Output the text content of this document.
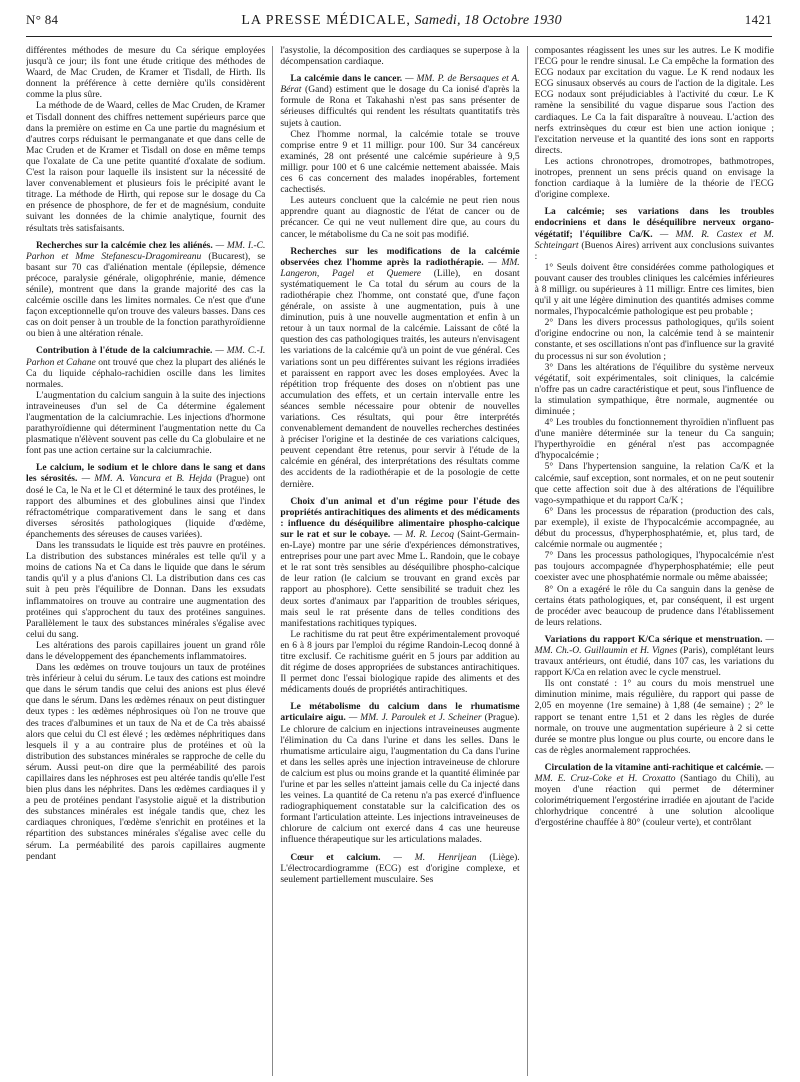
N° 84	LA PRESSE MÉDICALE, Samedi, 18 Octobre 1930	1421

différentes méthodes de mesure du Ca sérique employées jusqu'à ce jour; ils font une étude critique des méthodes de Waard, de Mac Cruden, de Kramer et Tisdall, de Hirth. Ils donnent la préférence à cette dernière qu'ils considèrent comme la plus sûre.

La méthode de de Waard, celles de Mac Cruden, de Kramer et Tisdall donnent des chiffres nettement supérieurs parce que dans la première on estime en Ca une partie du magnésium et d'autres corps réduisant le permanganate et que dans celle de Mac Cruden et de Kramer et Tisdall on dose en même temps que l'oxalate de Ca une petite quantité d'oxalate de sodium. C'est la raison pour laquelle ils insistent sur la nécessité de laver convenablement et plusieurs fois le précipité avant le titrage. La méthode de Hirth, qui repose sur le dosage du Ca en présence de phosphore, de fer et de magnésium, conduite suivant les données de la chimie analytique, fournit des résultats très satisfaisants.

Recherches sur la calcémie chez les aliénés. — MM. I.-C. Parhon et Mme Stefanescu-Dragomireanu (Bucarest), se basant sur 70 cas d'aliénation mentale (épilepsie, démence précoce, paralysie générale, oligophrénie, manie, démence sénile), montrent que dans la grande majorité des cas la calcémie oscille dans les limites normales. Ce n'est que d'une façon exceptionnelle qu'on trouve des valeurs basses. Dans ces cas on doit penser à un trouble de la fonction parathyroïdienne ou bien à une altération rénale.

Contribution à l'étude de la calciumrachie. — MM. C.-I. Parhon et Cahane ont trouvé que chez la plupart des aliénés le Ca du liquide céphalo-rachidien oscille dans les limites normales.

L'augmentation du calcium sanguin à la suite des injections intraveineuses d'un sel de Ca détermine également l'augmentation de la calciumrachie. Les injections d'hormone parathyroïdienne qui déterminent l'augmentation nette du Ca plasmatique n'élèvent souvent pas celle du Ca globulaire et ne font pas une action certaine sur la calciumrachie.

Le calcium, le sodium et le chlore dans le sang et dans les sérosités. — MM. A. Vancura et B. Hejda (Prague) ont dosé le Ca, le Na et le Cl et déterminé le taux des protéines, le rapport des albumines et des globulines ainsi que l'index réfractométrique comparativement dans le sang et dans diverses sérosités pathologiques (liquide d'œdème, épanchements des séreuses de causes variées).

Dans les transsudats le liquide est très pauvre en protéines. La distribution des substances minérales est telle qu'il y a moins de cations Na et Ca dans le liquide que dans le sérum tandis qu'il y a plus d'anions Cl. La distribution dans ces cas suit à peu près l'équilibre de Donnan. Dans les exsudats inflammatoires on trouve au contraire une augmentation des protéines qui s'approchent du taux des protéines sanguines. Parallèlement le taux des substances minérales s'égalise avec celui du sang.

Les altérations des parois capillaires jouent un grand rôle dans le développement des épanchements inflammatoires.

Dans les œdèmes on trouve toujours un taux de protéines très inférieur à celui du sérum. Le taux des cations est moindre que dans le sérum tandis que celui des anions est plus élevé que dans le sérum. Dans les œdèmes rénaux on peut distinguer deux types : les œdèmes néphrosiques où l'on ne trouve que des traces d'albumines et un taux de Na et de Ca très abaissé alors que celui du Cl est élevé ; les œdèmes néphritiques dans lesquels il y a au contraire plus de protéines et où la distribution des substances minérales se rapproche de celle du sérum. Aussi peut-on dire que la perméabilité des parois capillaires dans les néphroses est peu altérée tandis qu'elle l'est bien plus dans les néphrites. Dans les œdèmes cardiaques il y a peu de protéines pendant l'asystolie aiguë et la distribution des substances minérales est inégale tandis que, chez les cardiaques chroniques, l'œdème s'enrichit en protéines et la répartition des substances minérales s'égalise avec celle du sérum. La perméabilité des parois capillaires augmente pendant

l'asystolie, la décomposition des cardiaques se superpose à la décompensation cardiaque.

La calcémie dans le cancer. — MM. P. de Bersaques et A. Bérat (Gand) estiment que le dosage du Ca ionisé d'après la formule de Rona et Takahashi n'est pas sans présenter de sérieuses difficultés qui rendent les résultats quantitatifs très sujets à caution.

Chez l'homme normal, la calcémie totale se trouve comprise entre 9 et 11 milligr. pour 100. Sur 34 cancéreux examinés, 28 ont présenté une calcémie supérieure à 9,5 milligr. pour 100 et 6 une calcémie nettement abaissée. Mais ces 6 cas concernent des malades inopérables, fortement cachectisés.

Les auteurs concluent que la calcémie ne peut rien nous apprendre quant au diagnostic de l'état de cancer ou de précancer. Ce qui ne veut nullement dire que, au cours du cancer, le métabolisme du Ca ne soit pas modifié.

Recherches sur les modifications de la calcémie observées chez l'homme après la radiothérapie. — MM. Langeron, Pagel et Quemere (Lille), en dosant systématiquement le Ca total du sérum au cours de la radiothérapie chez l'homme, ont constaté que, d'une façon générale, on assiste à une augmentation, puis à une diminution, puis à une nouvelle augmentation et enfin à un retour à un taux normal de la calcémie. Laissant de côté la question des cas pathologiques traités, les auteurs n'envisagent les variations de la calcémie qu'à un point de vue général. Ces variations sont un peu différentes suivant les régions irradiées et paraissent en rapport avec les doses employées. Avec la répétition trop fréquente des doses on n'obtient pas une accumulation des effets, et un certain intervalle entre les séances semble nécessaire pour obtenir de nouvelles variations. Ces résultats, qui pour être interprétés convenablement demandent de nouvelles recherches destinées à préciser l'origine et la destinée de ces variations calciques, peuvent cependant être retenus, pour servir à l'étude de la calcémie en général, des interprétations des résultats comme des accidents de la radiothérapie et de la posologie de cette dernière.

Choix d'un animal et d'un régime pour l'étude des propriétés antirachitiques des aliments et des médicaments : influence du déséquilibre alimentaire phospho-calcique sur le rat et sur le cobaye. — M. R. Lecoq (Saint-Germain-en-Laye) montre par une série d'expériences démonstratives, entreprises pour une part avec Mme L. Randoin, que le cobaye et le rat sont très sensibles au déséquilibre phospho-calcique de leur ration (le calcium se trouvant en grand excès par rapport au phosphore). Cette sensibilité se traduit chez les deux sortes d'animaux par l'apparition de troubles sériques, mais seul le rat présente dans de telles conditions des manifestations rachitiques typiques.

Le rachitisme du rat peut être expérimentalement provoqué en 6 à 8 jours par l'emploi du régime Randoin-Lecoq donné à titre exclusif. Ce rachitisme guérit en 5 jours par addition au dit régime de doses appropriées de substances antirachitiques. Il permet donc l'essai biologique rapide des aliments et des médicaments doués de propriétés antirachitiques.

Le métabolisme du calcium dans le rhumatisme articulaire aigu. — MM. J. Paroulek et J. Scheiner (Prague). Le chlorure de calcium en injections intraveineuses augmente l'élimination du Ca dans l'urine et dans les selles. Dans le rhumatisme articulaire aigu, l'augmentation du Ca dans l'urine et dans les selles après une injection intraveineuse de chlorure de calcium est plus ou moins grande et la quantité éliminée par l'urine et par les selles n'atteint jamais celle du Ca injecté dans les veines. La quantité de Ca retenu n'a pas exercé d'influence radiographiquement constatable sur la calcification des os formant l'articulation atteinte. Les injections intraveineuses de chlorure de calcium ont exercé dans 4 cas une heureuse influence thérapeutique sur les articulations malades.

Cœur et calcium. — M. Henrijean (Liège). L'électrocardiogramme (ECG) est d'origine complexe, et seulement partiellement musculaire. Ses

composantes réagissent les unes sur les autres. Le K modifie l'ECG pour le rendre sinusal. Le Ca empêche la formation des ECG nodaux par excitation du vague. Le K rend nodaux les ECG sinusaux observés au cours de l'action de la digitale. Les ECG nodaux sont préjudiciables à l'activité du cœur. Le K ramène la sensibilité du vague disparue sous l'action des cardiaques. Le Ca la fait disparaître à nouveau. L'action des nerfs extrinsèques du cœur est bien une action ionique ; l'excitation nerveuse et la quantité des ions sont en rapports directs.

Les actions chronotropes, dromotropes, bathmotropes, inotropes, prennent un sens précis quand on envisage la fonction cardiaque à la lumière de la théorie de l'ECG d'origine complexe.

La calcémie; ses variations dans les troubles endocriniens et dans le déséquilibre nerveux organo-végétatif; l'équilibre Ca/K. — MM. R. Castex et M. Schteingart (Buenos Aires) arrivent aux conclusions suivantes :

1° Seuls doivent être considérées comme pathologiques et pouvant causer des troubles cliniques les calcémies inférieures à 8 milligr. ou supérieures à 11 milligr. Entre ces limites, bien qu'il y ait une légère diminution des quantités admises comme normales, l'hypocalcémie pathologique est peu probable ;
2° Dans les divers processus pathologiques, qu'ils soient d'origine endocrine ou non, la calcémie tend à se maintenir constante, et ses oscillations n'ont pas d'influence sur la gravité du processus ni sur son évolution ;
3° Dans les altérations de l'équilibre du système nerveux végétatif, soit expérimentales, soit cliniques, la calcémie n'offre pas un cadre caractéristique et peut, sous l'influence de la stimulation sympathique, être normale, augmentée ou diminuée ;
4° Les troubles du fonctionnement thyroïdien n'influent pas d'une manière déterminée sur la teneur du Ca sanguin; l'hyperthyroïdie en général n'est pas accompagnée d'hypocalcémie ;
5° Dans l'hypertension sanguine, la relation Ca/K et la calcémie, sauf exception, sont normales, et on ne peut soutenir que cette affection soit due à des altérations de l'équilibre vago-sympathique et du rapport Ca/K ;
6° Dans les processus de réparation (production des cals, par exemple), il existe de l'hypocalcémie accompagnée, au début du processus, d'hyperphosphatémie, et, plus tard, de calcémie normale ou augmentée ;
7° Dans les processus pathologiques, l'hypocalcémie n'est pas toujours accompagnée d'hyperphosphatémie; elle peut coexister avec une phosphatémie normale ou même abaissée;
8° On a exagéré le rôle du Ca sanguin dans la genèse de certains états pathologiques, et, par conséquent, il est urgent de procéder avec beaucoup de prudence dans l'établissement de leurs relations.

Variations du rapport K/Ca sérique et menstruation. — MM. Ch.-O. Guillaumin et H. Vignes (Paris), complétant leurs travaux antérieurs, ont étudié, dans 107 cas, les variations du rapport K/Ca en relation avec le cycle menstruel.

Ils ont constaté : 1° au cours du mois menstruel une diminution minime, mais régulière, du rapport qui passe de 2,05 en moyenne (1re semaine) à 1,88 (4e semaine) ; 2° le rapport se tenant entre 1,51 et 2 dans les règles de durée normale, on trouve une augmentation supérieure à 2 si cette durée se montre plus longue ou plus courte, ou encore dans le cas de règles anormalement rapprochées.

Circulation de la vitamine anti-rachitique et calcémie. — MM. E. Cruz-Coke et H. Croxatto (Santiago du Chili), au moyen d'une réaction qui permet de déterminer colorimétriquement l'ergostérine irradiée en ajoutant de l'acide chlorhydrique concentré à une solution alcoolique d'ergostérine chauffée à 80° (couleur verte), et contrôlant
